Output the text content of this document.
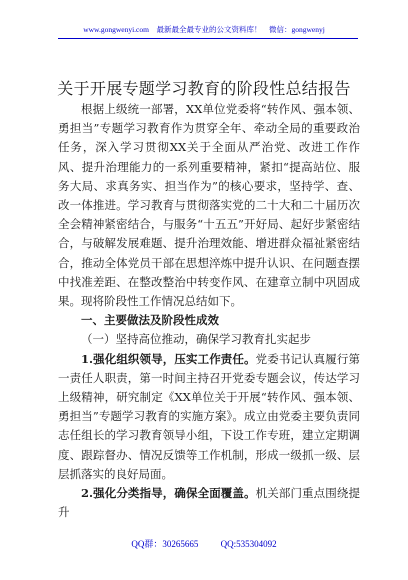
www.gongwenyi.com 最新最全最专业的公文资料库！ 微信：gongwenyj
关于开展专题学习教育的阶段性总结报告

根据上级统一部署，XX单位党委将“转作风、强本领、勇担当”专题学习教育作为贯穿全年、牵动全局的重要政治任务，深入学习贯彻XX关于全面从严治党、改进工作作风、提升治理能力的一系列重要精神，紧扣“提高站位、服务大局、求真务实、担当作为”的核心要求，坚持学、查、改一体推进。学习教育与贯彻落实党的二十大和二十届历次全会精神紧密结合，与服务“十五五”开好局、起好步紧密结合，与破解发展难题、提升治理效能、增进群众福祉紧密结合，推动全体党员干部在思想淬炼中提升认识、在问题查摆中找准差距、在整改整治中转变作风、在建章立制中巩固成果。现将阶段性工作情况总结如下。

一、主要做法及阶段性成效

（一）坚持高位推动，确保学习教育扎实起步

1.强化组织领导，压实工作责任。党委书记认真履行第一责任人职责，第一时间主持召开党委专题会议，传达学习上级精神，研究制定《XX单位关于开展“转作风、强本领、勇担当”专题学习教育的实施方案》。成立由党委主要负责同志任组长的学习教育领导小组，下设工作专班，建立定期调度、跟踪督办、情况反馈等工作机制，形成一级抓一级、层层抓落实的良好局面。

2.强化分类指导，确保全面覆盖。机关部门重点围绕提升

QQ群：30265665 QQ:535304092
